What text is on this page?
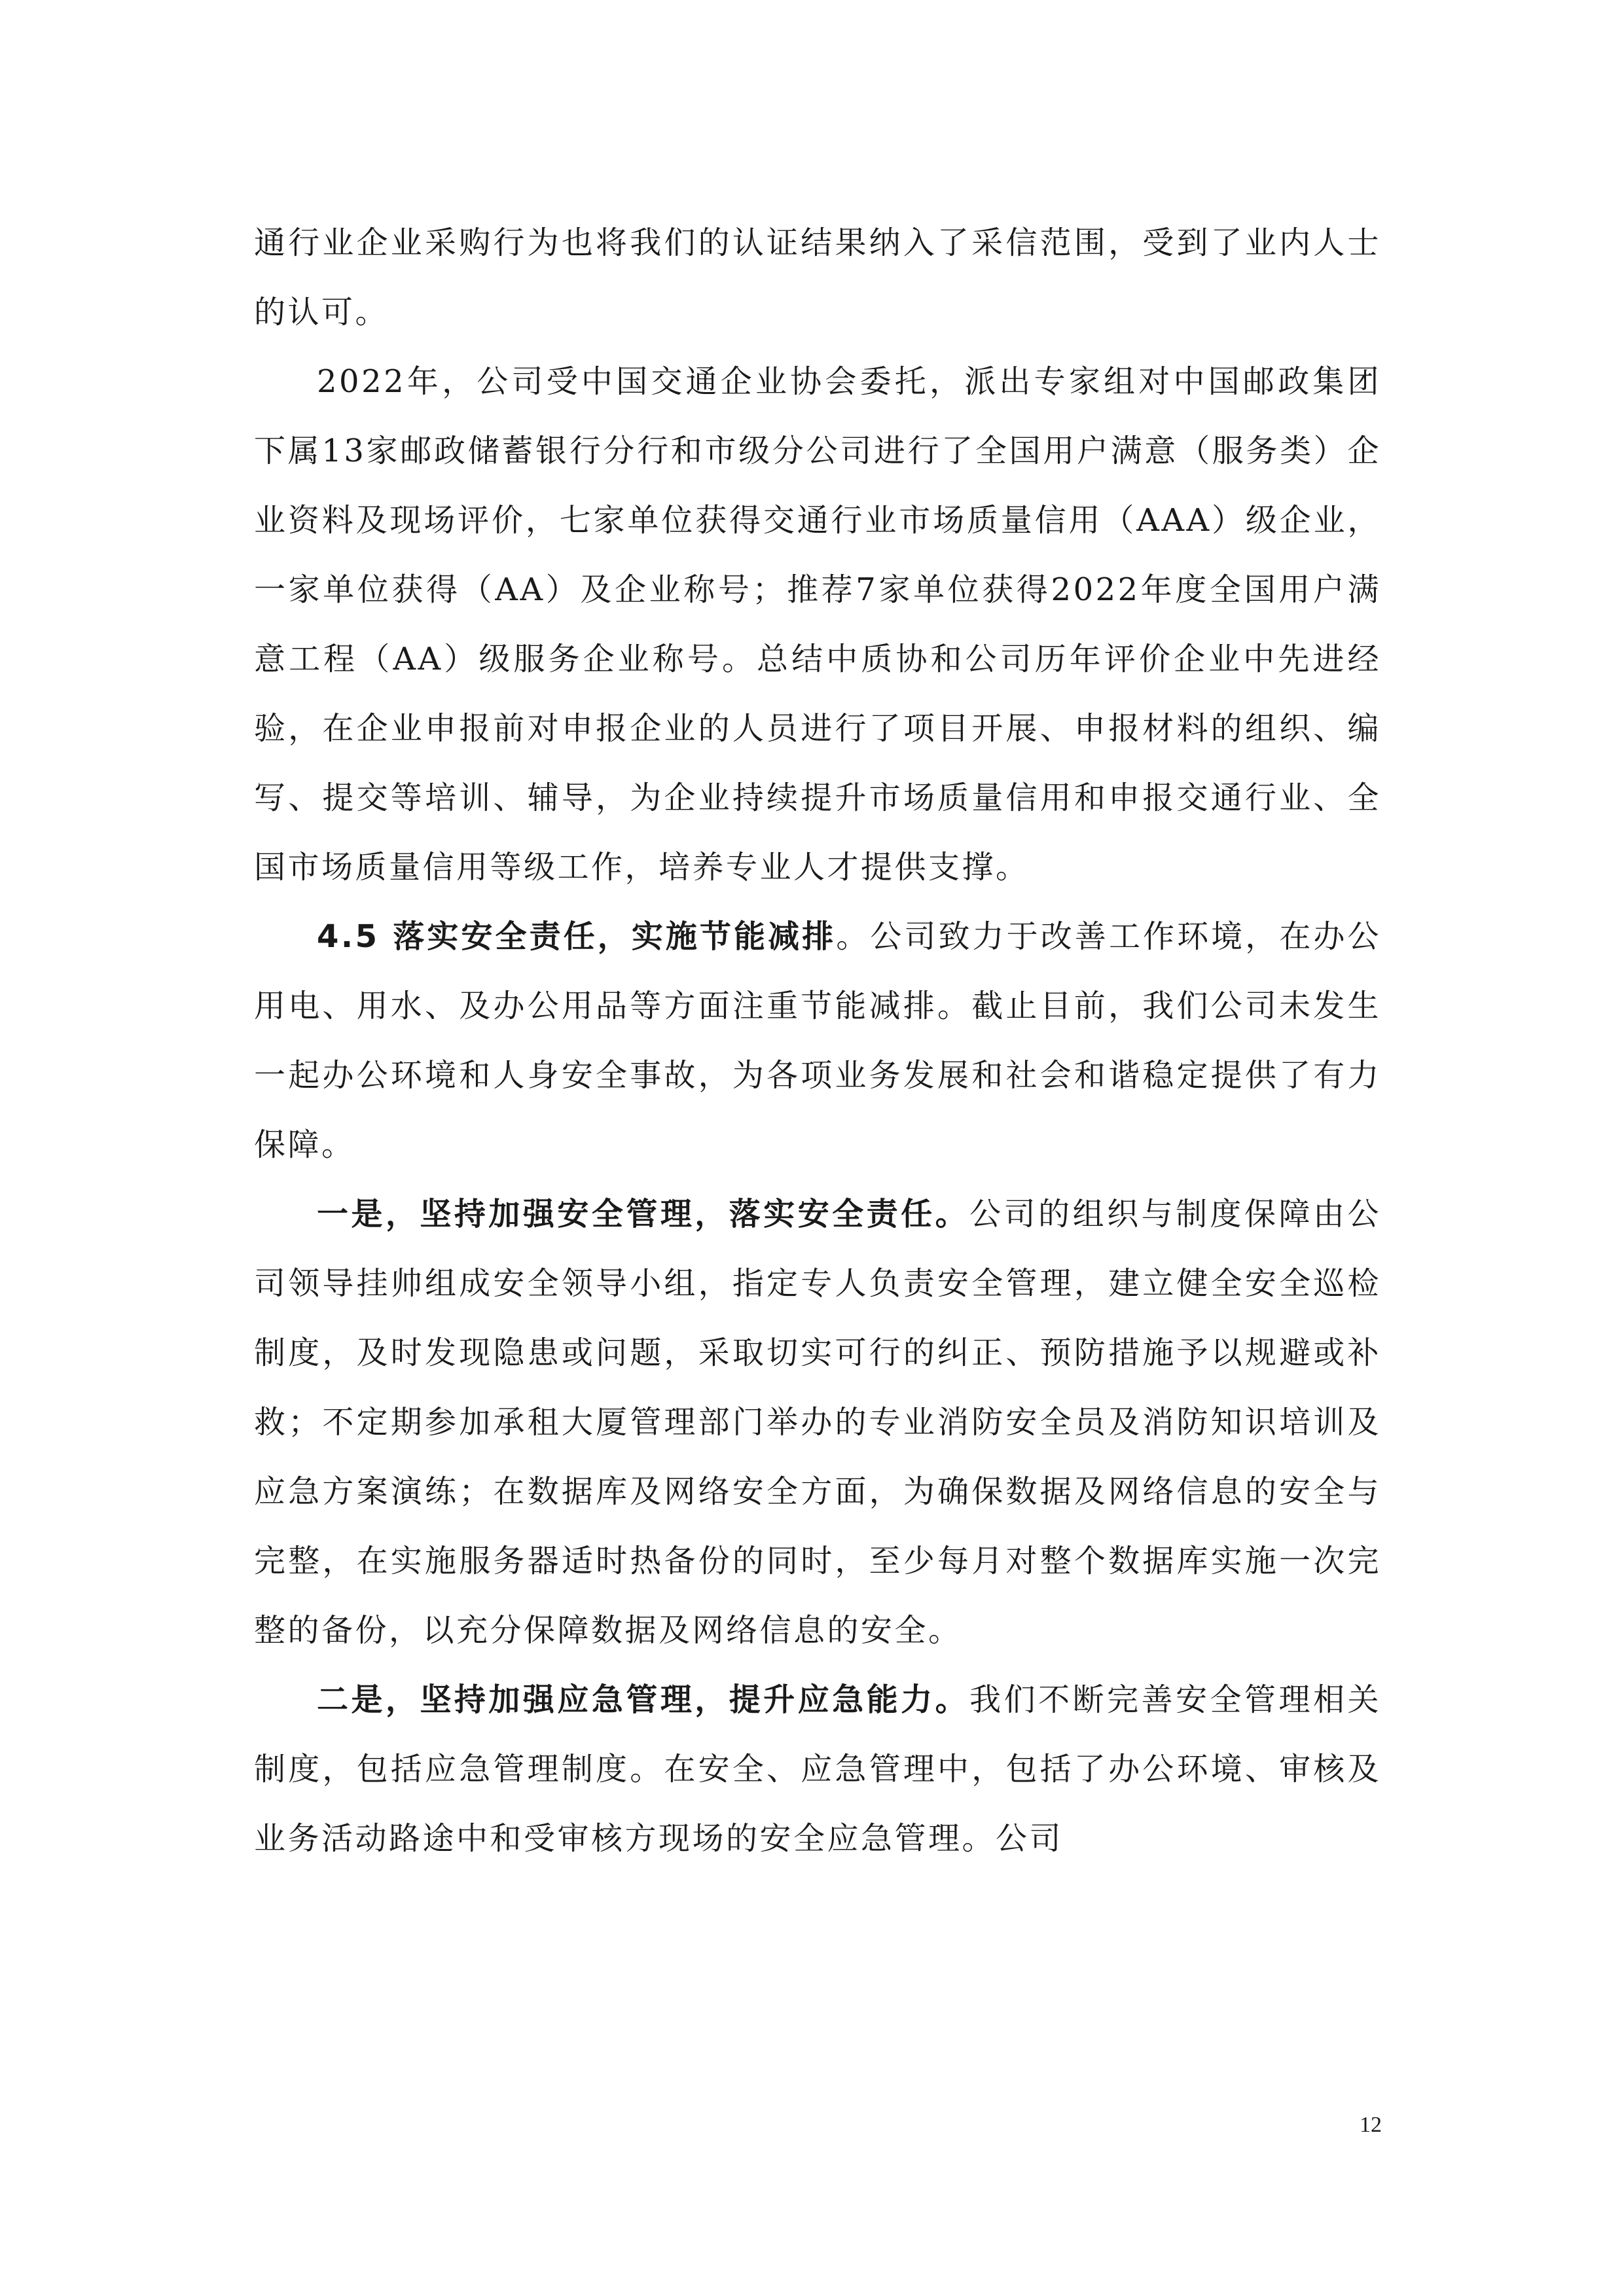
通行业企业采购行为也将我们的认证结果纳入了采信范围，受到了业内人士的认可。

2022年，公司受中国交通企业协会委托，派出专家组对中国邮政集团下属13家邮政储蓄银行分行和市级分公司进行了全国用户满意（服务类）企业资料及现场评价，七家单位获得交通行业市场质量信用（AAA）级企业，一家单位获得（AA）及企业称号；推荐7家单位获得2022年度全国用户满意工程（AA）级服务企业称号。总结中质协和公司历年评价企业中先进经验，在企业申报前对申报企业的人员进行了项目开展、申报材料的组织、编写、提交等培训、辅导，为企业持续提升市场质量信用和申报交通行业、全国市场质量信用等级工作，培养专业人才提供支撑。

4.5 落实安全责任，实施节能减排。公司致力于改善工作环境，在办公用电、用水、及办公用品等方面注重节能减排。截止目前，我们公司未发生一起办公环境和人身安全事故，为各项业务发展和社会和谐稳定提供了有力保障。

一是，坚持加强安全管理，落实安全责任。公司的组织与制度保障由公司领导挂帅组成安全领导小组，指定专人负责安全管理，建立健全安全巡检制度，及时发现隐患或问题，采取切实可行的纠正、预防措施予以规避或补救；不定期参加承租大厦管理部门举办的专业消防安全员及消防知识培训及应急方案演练；在数据库及网络安全方面，为确保数据及网络信息的安全与完整，在实施服务器适时热备份的同时，至少每月对整个数据库实施一次完整的备份，以充分保障数据及网络信息的安全。

二是，坚持加强应急管理，提升应急能力。我们不断完善安全管理相关制度，包括应急管理制度。在安全、应急管理中，包括了办公环境、审核及业务活动路途中和受审核方现场的安全应急管理。公司

12
